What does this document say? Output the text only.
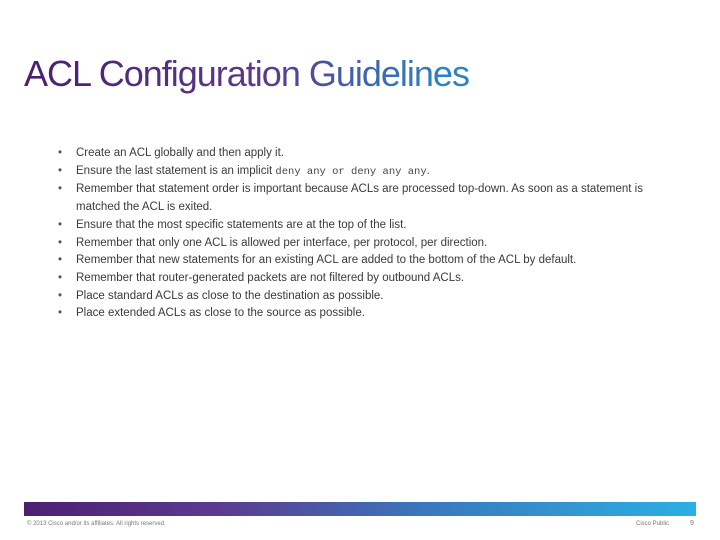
ACL Configuration Guidelines
• Create an ACL globally and then apply it.
• Ensure the last statement is an implicit deny any or deny any any.
• Remember that statement order is important because ACLs are processed top-down. As soon as a statement is matched the ACL is exited.
• Ensure that the most specific statements are at the top of the list.
• Remember that only one ACL is allowed per interface, per protocol, per direction.
• Remember that new statements for an existing ACL are added to the bottom of the ACL by default.
• Remember that router-generated packets are not filtered by outbound ACLs.
• Place standard ACLs as close to the destination as possible.
• Place extended ACLs as close to the source as possible.
© 2013 Cisco and/or its affiliates. All rights reserved.	Cisco Public	9
